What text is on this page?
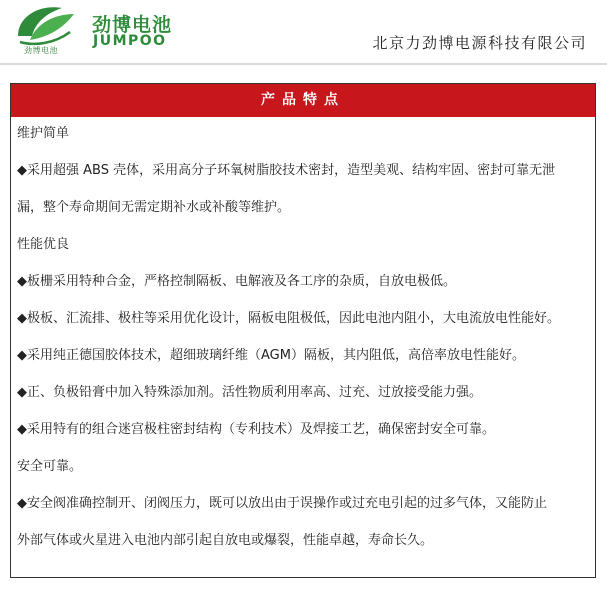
劲博电池
劲博电池
JUMPOO	北京力劲博电源科技有限公司
产品特点

维护简单

◆采用超强 ABS 壳体，采用高分子环氧树脂胶技术密封，造型美观、结构牢固、密封可靠无泄

漏，整个寿命期间无需定期补水或补酸等维护。

性能优良

◆板栅采用特种合金，严格控制隔板、电解液及各工序的杂质，自放电极低。

◆极板、汇流排、极柱等采用优化设计，隔板电阻极低，因此电池内阻小，大电流放电性能好。

◆采用纯正德国胶体技术，超细玻璃纤维（AGM）隔板，其内阻低，高倍率放电性能好。

◆正、负极铅膏中加入特殊添加剂。活性物质利用率高、过充、过放接受能力强。

◆采用特有的组合迷宫极柱密封结构（专利技术）及焊接工艺，确保密封安全可靠。

安全可靠。

◆安全阀准确控制开、闭阀压力，既可以放出由于误操作或过充电引起的过多气体，又能防止

外部气体或火星进入电池内部引起自放电或爆裂，性能卓越，寿命长久。
